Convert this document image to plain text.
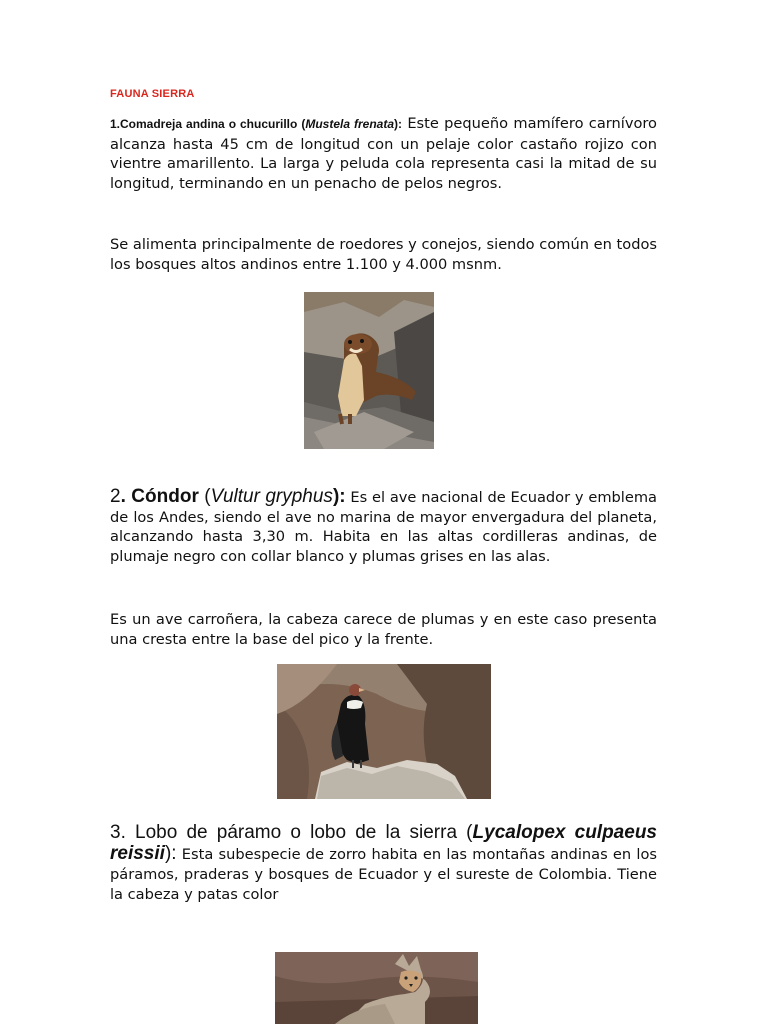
FAUNA SIERRA

1.Comadreja andina o chucurillo (Mustela frenata): Este pequeño mamífero carnívoro alcanza hasta 45 cm de longitud con un pelaje color castaño rojizo con vientre amarillento. La larga y peluda cola representa casi la mitad de su longitud, terminando en un penacho de pelos negros.

Se alimenta principalmente de roedores y conejos, siendo común en todos los bosques altos andinos entre 1.100 y 4.000 msnm.

2. Cóndor (Vultur gryphus): Es el ave nacional de Ecuador y emblema de los Andes, siendo el ave no marina de mayor envergadura del planeta, alcanzando hasta 3,30 m. Habita en las altas cordilleras andinas, de plumaje negro con collar blanco y plumas grises en las alas.

Es un ave carroñera, la cabeza carece de plumas y en este caso presenta una cresta entre la base del pico y la frente.

3. Lobo de páramo o lobo de la sierra (Lycalopex culpaeus reissii): Esta subespecie de zorro habita en las montañas andinas en los páramos, praderas y bosques de Ecuador y el sureste de Colombia. Tiene la cabeza y patas color
